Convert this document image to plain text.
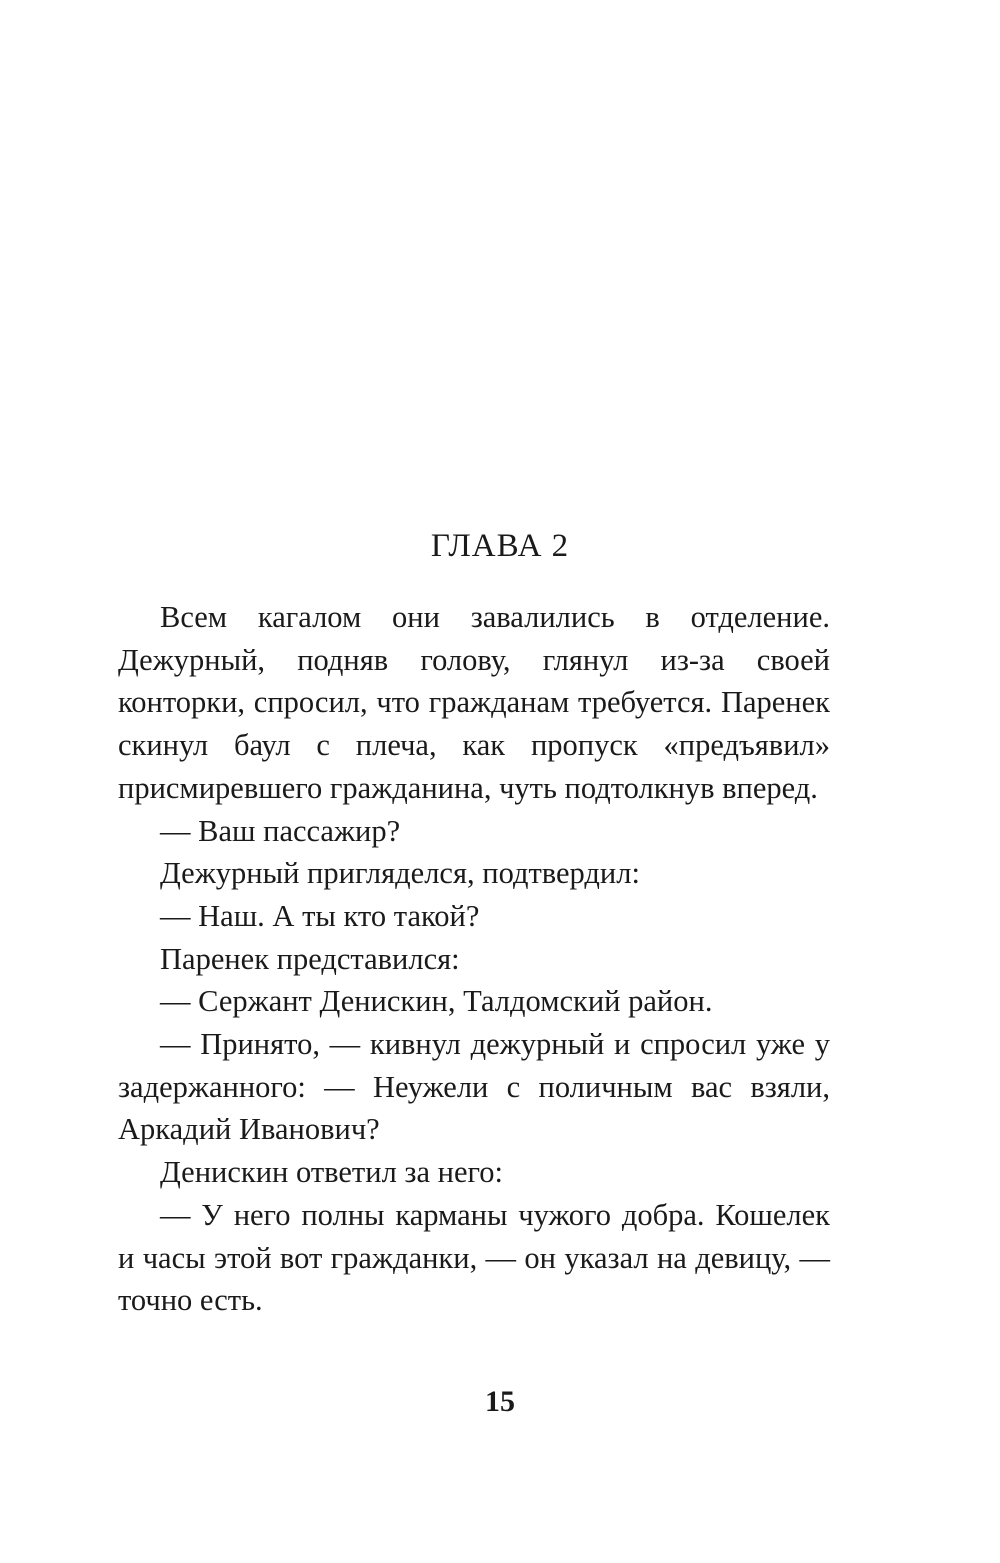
ГЛАВА 2

Всем кагалом они завалились в отделение. Дежурный, подняв голову, глянул из-за своей конторки, спросил, что гражданам требуется. Паренек скинул баул с плеча, как пропуск «предъявил» присмиревшего гражданина, чуть подтолкнув вперед.

— Ваш пассажир?

Дежурный пригляделся, подтвердил:

— Наш. А ты кто такой?

Паренек представился:

— Сержант Денискин, Талдомский район.

— Принято, — кивнул дежурный и спросил уже у задержанного: — Неужели с поличным вас взяли, Аркадий Иванович?

Денискин ответил за него:

— У него полны карманы чужого добра. Кошелек и часы этой вот гражданки, — он указал на девицу, — точно есть.

15
